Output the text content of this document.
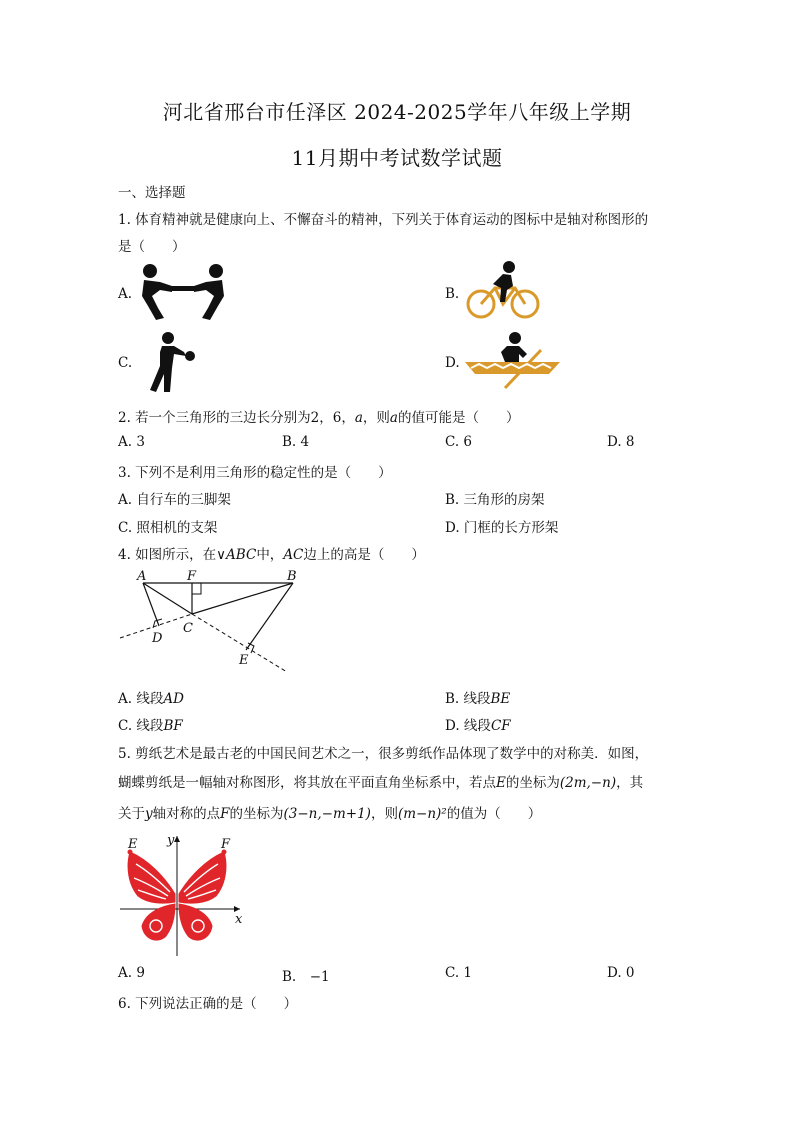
河北省邢台市任泽区 2024-2025学年八年级上学期
11月期中考试数学试题
一、选择题
1. 体育精神就是健康向上、不懈奋斗的精神，下列关于体育运动的图标中是轴对称图形的
是（　　）
A.	B.
C.	D.
2. 若一个三角形的三边长分别为2，6，a，则a的值可能是（　　）
A. 3	B. 4	C. 6	D. 8
3. 下列不是利用三角形的稳定性的是（　　）
A. 自行车的三脚架	B. 三角形的房架
C. 照相机的支架	D. 门框的长方形架
4. 如图所示，在∨ABC中，AC边上的高是（　　）
A	F	B
C
D
E
A. 线段AD	B. 线段BE
C. 线段BF	D. 线段CF
5. 剪纸艺术是最古老的中国民间艺术之一，很多剪纸作品体现了数学中的对称美．如图，
蝴蝶剪纸是一幅轴对称图形，将其放在平面直角坐标系中，若点E的坐标为(2m,−n)，其
关于y轴对称的点F的坐标为(3−n,−m+1)，则(m−n)²的值为（　　）
E	F
y
x
A. 9	B.　−1	C. 1	D. 0
6. 下列说法正确的是（　　）
